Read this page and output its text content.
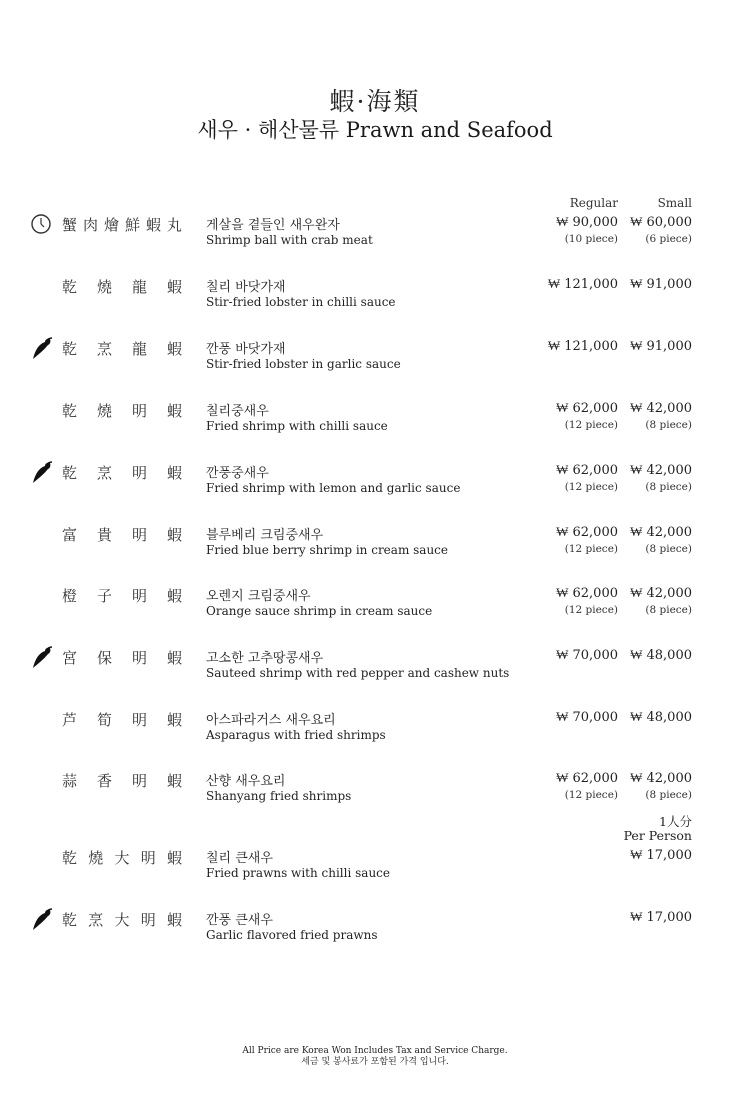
蝦·海類
새우 · 해산물류 Prawn and Seafood
Regular	Small
蟹 肉 燴 鮮 蝦 丸 게살을 곁들인 새우완자
Shrimp ball with crab meat
₩ 90,000 ₩ 60,000
(10 piece)	(6 piece)
乾 燒 龍 蝦 칠리 바닷가재
Stir-fried lobster in chilli sauce
₩ 121,000 ₩ 91,000
乾 烹 龍 蝦 깐풍 바닷가재
Stir-fried lobster in garlic sauce
₩ 121,000 ₩ 91,000
乾 燒 明 蝦 칠리중새우
Fried shrimp with chilli sauce
₩ 62,000 ₩ 42,000
(12 piece)	(8 piece)
乾 烹 明 蝦 깐풍중새우
Fried shrimp with lemon and garlic sauce
₩ 62,000 ₩ 42,000
(12 piece)	(8 piece)
富 貴 明 蝦 블루베리 크림중새우
Fried blue berry shrimp in cream sauce
₩ 62,000 ₩ 42,000
(12 piece)	(8 piece)
橙 子 明 蝦 오렌지 크림중새우
Orange sauce shrimp in cream sauce
₩ 62,000 ₩ 42,000
(12 piece)	(8 piece)
宮 保 明 蝦 고소한 고추땅콩새우
Sauteed shrimp with red pepper and cashew nuts
₩ 70,000 ₩ 48,000
芦 筍 明 蝦 아스파라거스 새우요리
Asparagus with fried shrimps
₩ 70,000 ₩ 48,000
蒜 香 明 蝦 산향 새우요리
Shanyang fried shrimps
₩ 62,000 ₩ 42,000
(12 piece)	(8 piece)
乾 燒 大 明 蝦 칠리 큰새우
Fried prawns with chilli sauce
₩ 17,000
乾 烹 大 明 蝦 깐풍 큰새우
Garlic flavored fried prawns
₩ 17,000
1人分
Per Person
All Price are Korea Won Includes Tax and Service Charge.
세금 및 봉사료가 포함된 가격 입니다.
